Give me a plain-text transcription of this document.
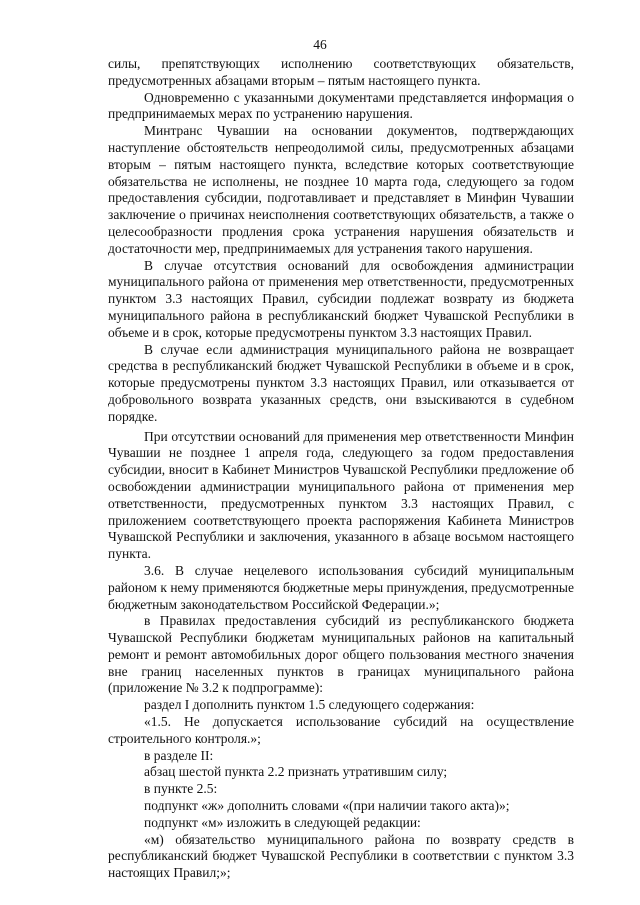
46

силы, препятствующих исполнению соответствующих обязательств, предусмотренных абзацами вторым – пятым настоящего пункта.

Одновременно с указанными документами представляется информация о предпринимаемых мерах по устранению нарушения.

Минтранс Чувашии на основании документов, подтверждающих наступление обстоятельств непреодолимой силы, предусмотренных абзацами вторым – пятым настоящего пункта, вследствие которых соответствующие обязательства не исполнены, не позднее 10 марта года, следующего за годом предоставления субсидии, подготавливает и представляет в Минфин Чувашии заключение о причинах неисполнения соответствующих обязательств, а также о целесообразности продления срока устранения нарушения обязательств и достаточности мер, предпринимаемых для устранения такого нарушения.

В случае отсутствия оснований для освобождения администрации муниципального района от применения мер ответственности, предусмотренных пунктом 3.3 настоящих Правил, субсидии подлежат возврату из бюджета муниципального района в республиканский бюджет Чувашской Республики в объеме и в срок, которые предусмотрены пунктом 3.3 настоящих Правил.

В случае если администрация муниципального района не возвращает средства в республиканский бюджет Чувашской Республики в объеме и в срок, которые предусмотрены пунктом 3.3 настоящих Правил, или отказывается от добровольного возврата указанных средств, они взыскиваются в судебном порядке.

При отсутствии оснований для применения мер ответственности Минфин Чувашии не позднее 1 апреля года, следующего за годом предоставления субсидии, вносит в Кабинет Министров Чувашской Республики предложение об освобождении администрации муниципального района от применения мер ответственности, предусмотренных пунктом 3.3 настоящих Правил, с приложением соответствующего проекта распоряжения Кабинета Министров Чувашской Республики и заключения, указанного в абзаце восьмом настоящего пункта.

3.6. В случае нецелевого использования субсидий муниципальным районом к нему применяются бюджетные меры принуждения, предусмотренные бюджетным законодательством Российской Федерации.»;

в Правилах предоставления субсидий из республиканского бюджета Чувашской Республики бюджетам муниципальных районов на капитальный ремонт и ремонт автомобильных дорог общего пользования местного значения вне границ населенных пунктов в границах муниципального района (приложение № 3.2 к подпрограмме):

раздел I дополнить пунктом 1.5 следующего содержания:

«1.5. Не допускается использование субсидий на осуществление строительного контроля.»;

в разделе II:

абзац шестой пункта 2.2 признать утратившим силу;

в пункте 2.5:

подпункт «ж» дополнить словами «(при наличии такого акта)»;

подпункт «м» изложить в следующей редакции:

«м) обязательство муниципального района по возврату средств в республиканский бюджет Чувашской Республики в соответствии с пунктом 3.3 настоящих Правил;»;
